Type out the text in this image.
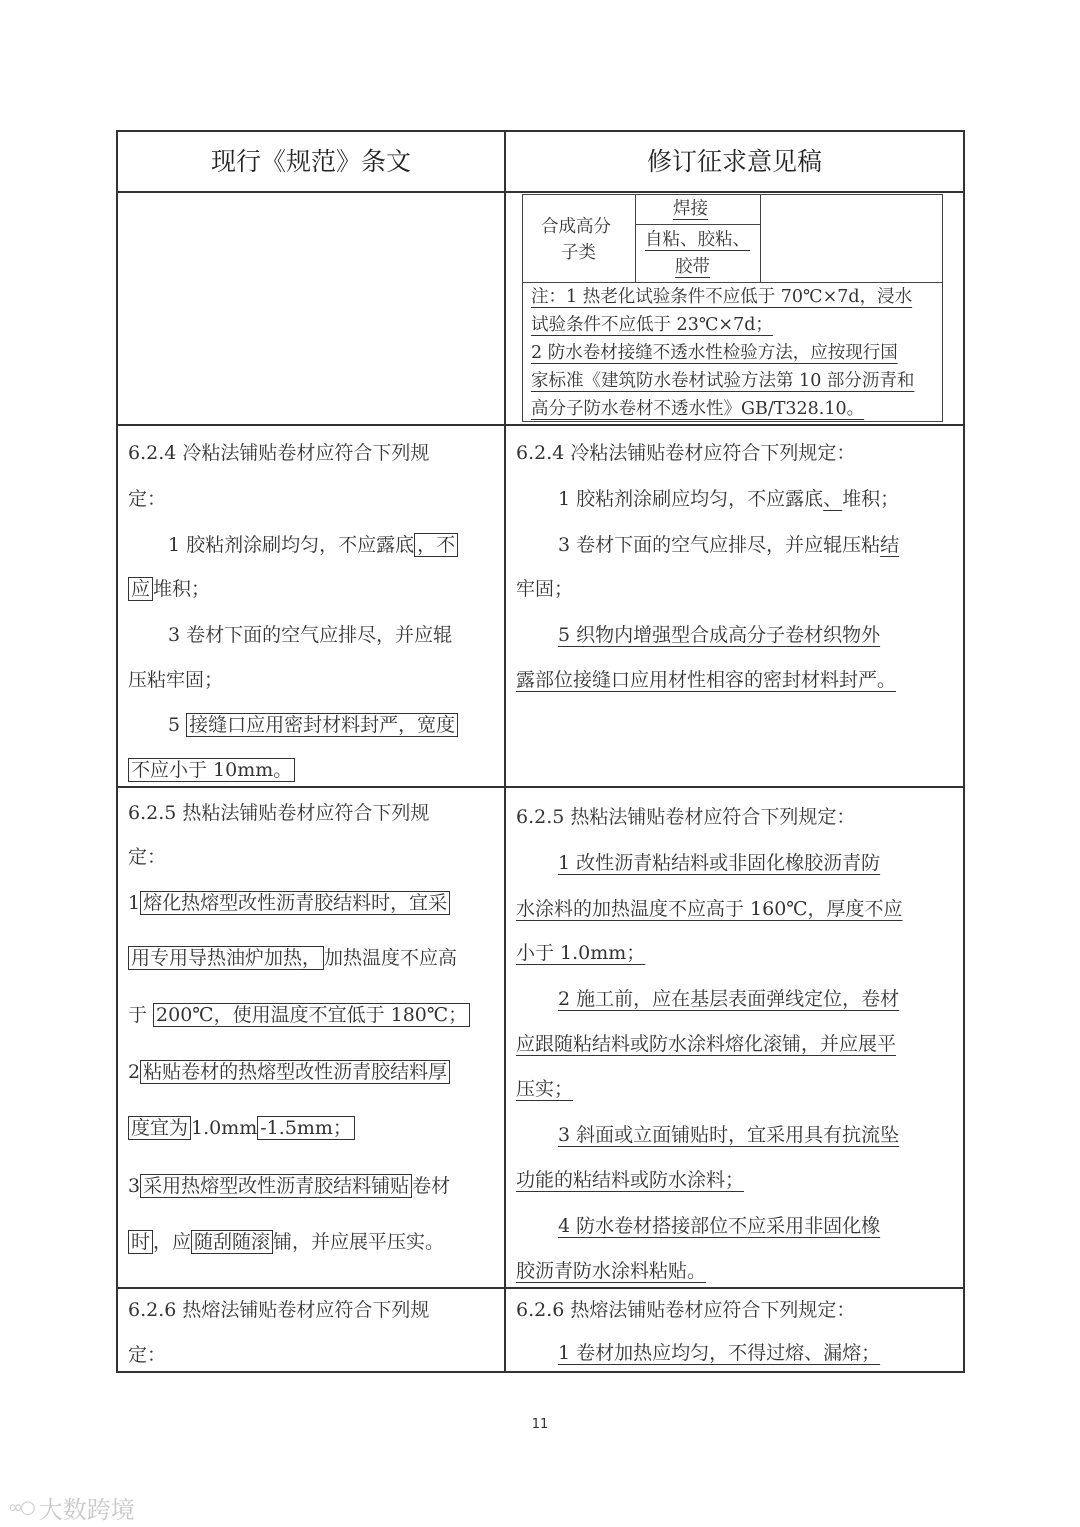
现行《规范》条文	修订征求意见稿
合成高分
子类
焊接
自粘、胶粘、
胶带
注：1 热老化试验条件不应低于 70℃×7d，浸水
试验条件不应低于 23℃×7d；
2 防水卷材接缝不透水性检验方法，应按现行国
家标准《建筑防水卷材试验方法第 10 部分沥青和
高分子防水卷材不透水性》GB/T328.10。
6.2.4 冷粘法铺贴卷材应符合下列规
定：
1 胶粘剂涂刷均匀，不应露底 ，不
应 堆积；
3 卷材下面的空气应排尽，并应辊
压粘牢固；
5 接缝口应用密封材料封严，宽度
不应小于 10mm。
6.2.4 冷粘法铺贴卷材应符合下列规定：
1 胶粘剂涂刷应均匀，不应露底、堆积；
3 卷材下面的空气应排尽，并应辊压粘结
牢固；
5 织物内增强型合成高分子卷材织物外
露部位接缝口应用材性相容的密封材料封严。
6.2.5 热粘法铺贴卷材应符合下列规
定：
1 熔化热熔型改性沥青胶结料时，宜采
用专用导热油炉加热， 加热温度不应高
于 200℃，使用温度不宜低于 180℃；
2 粘贴卷材的热熔型改性沥青胶结料厚
度宜为 1.0mm -1.5mm；
3 采用热熔型改性沥青胶结料铺贴 卷材
时 ，应 随刮随滚 铺，并应展平压实。
6.2.5 热粘法铺贴卷材应符合下列规定：
1 改性沥青粘结料或非固化橡胶沥青防
水涂料的加热温度不应高于 160℃，厚度不应
小于 1.0mm；
2 施工前，应在基层表面弹线定位，卷材
应跟随粘结料或防水涂料熔化滚铺，并应展平
压实；
3 斜面或立面铺贴时，宜采用具有抗流坠
功能的粘结料或防水涂料；
4 防水卷材搭接部位不应采用非固化橡
胶沥青防水涂料粘贴。
6.2.6 热熔法铺贴卷材应符合下列规
定：
6.2.6 热熔法铺贴卷材应符合下列规定：
1 卷材加热应均匀，不得过熔、漏熔；
11
∞○ 大数跨境
